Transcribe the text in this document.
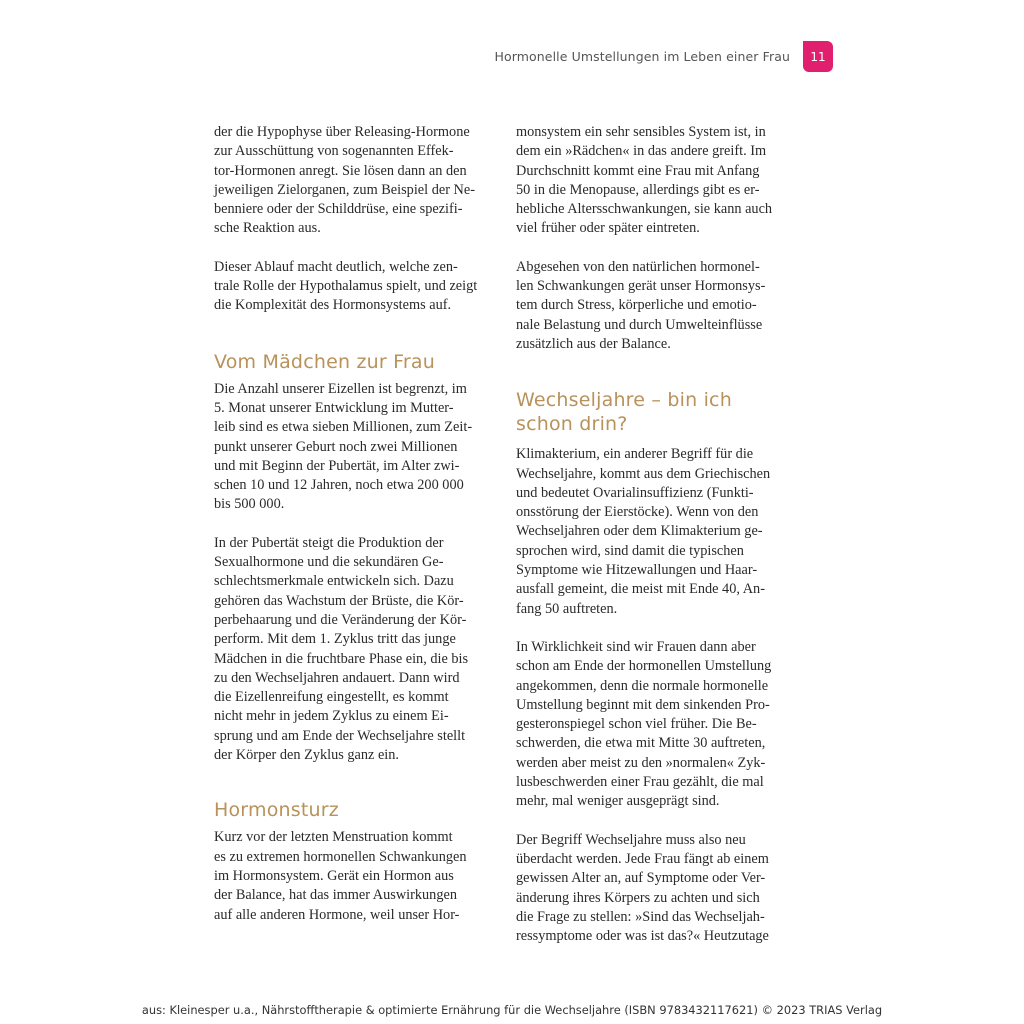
Hormonelle Umstellungen im Leben einer Frau	11

der die Hypophyse über Releasing-Hormone
zur Ausschüttung von sogenannten Effek-
tor-Hormonen anregt. Sie lösen dann an den
jeweiligen Zielorganen, zum Beispiel der Ne-
benniere oder der Schilddrüse, eine spezifi-
sche Reaktion aus.

Dieser Ablauf macht deutlich, welche zen-
trale Rolle der Hypothalamus spielt, und zeigt
die Komplexität des Hormonsystems auf.

Vom Mädchen zur Frau

Die Anzahl unserer Eizellen ist begrenzt, im
5. Monat unserer Entwicklung im Mutter-
leib sind es etwa sieben Millionen, zum Zeit-
punkt unserer Geburt noch zwei Millionen
und mit Beginn der Pubertät, im Alter zwi-
schen 10 und 12 Jahren, noch etwa 200 000
bis 500 000.

In der Pubertät steigt die Produktion der
Sexualhormone und die sekundären Ge-
schlechtsmerkmale entwickeln sich. Dazu
gehören das Wachstum der Brüste, die Kör-
perbehaarung und die Veränderung der Kör-
perform. Mit dem 1. Zyklus tritt das junge
Mädchen in die fruchtbare Phase ein, die bis
zu den Wechseljahren andauert. Dann wird
die Eizellenreifung eingestellt, es kommt
nicht mehr in jedem Zyklus zu einem Ei-
sprung und am Ende der Wechseljahre stellt
der Körper den Zyklus ganz ein.

Hormonsturz

Kurz vor der letzten Menstruation kommt
es zu extremen hormonellen Schwankungen
im Hormonsystem. Gerät ein Hormon aus
der Balance, hat das immer Auswirkungen
auf alle anderen Hormone, weil unser Hor-

monsystem ein sehr sensibles System ist, in
dem ein »Rädchen« in das andere greift. Im
Durchschnitt kommt eine Frau mit Anfang
50 in die Menopause, allerdings gibt es er-
hebliche Altersschwankungen, sie kann auch
viel früher oder später eintreten.

Abgesehen von den natürlichen hormonel-
len Schwankungen gerät unser Hormonsys-
tem durch Stress, körperliche und emotio-
nale Belastung und durch Umwelteinflüsse
zusätzlich aus der Balance.

Wechseljahre – bin ich
schon drin?

Klimakterium, ein anderer Begriff für die
Wechseljahre, kommt aus dem Griechischen
und bedeutet Ovarialinsuffizienz (Funkti-
onsstörung der Eierstöcke). Wenn von den
Wechseljahren oder dem Klimakterium ge-
sprochen wird, sind damit die typischen
Symptome wie Hitzewallungen und Haar-
ausfall gemeint, die meist mit Ende 40, An-
fang 50 auftreten.

In Wirklichkeit sind wir Frauen dann aber
schon am Ende der hormonellen Umstellung
angekommen, denn die normale hormonelle
Umstellung beginnt mit dem sinkenden Pro-
gesteronspiegel schon viel früher. Die Be-
schwerden, die etwa mit Mitte 30 auftreten,
werden aber meist zu den »normalen« Zyk-
lusbeschwerden einer Frau gezählt, die mal
mehr, mal weniger ausgeprägt sind.

Der Begriff Wechseljahre muss also neu
überdacht werden. Jede Frau fängt ab einem
gewissen Alter an, auf Symptome oder Ver-
änderung ihres Körpers zu achten und sich
die Frage zu stellen: »Sind das Wechseljah-
ressymptome oder was ist das?« Heutzutage

aus: Kleinesper u.a., Nährstofftherapie & optimierte Ernährung für die Wechseljahre (ISBN 9783432117621) © 2023 TRIAS Verlag
